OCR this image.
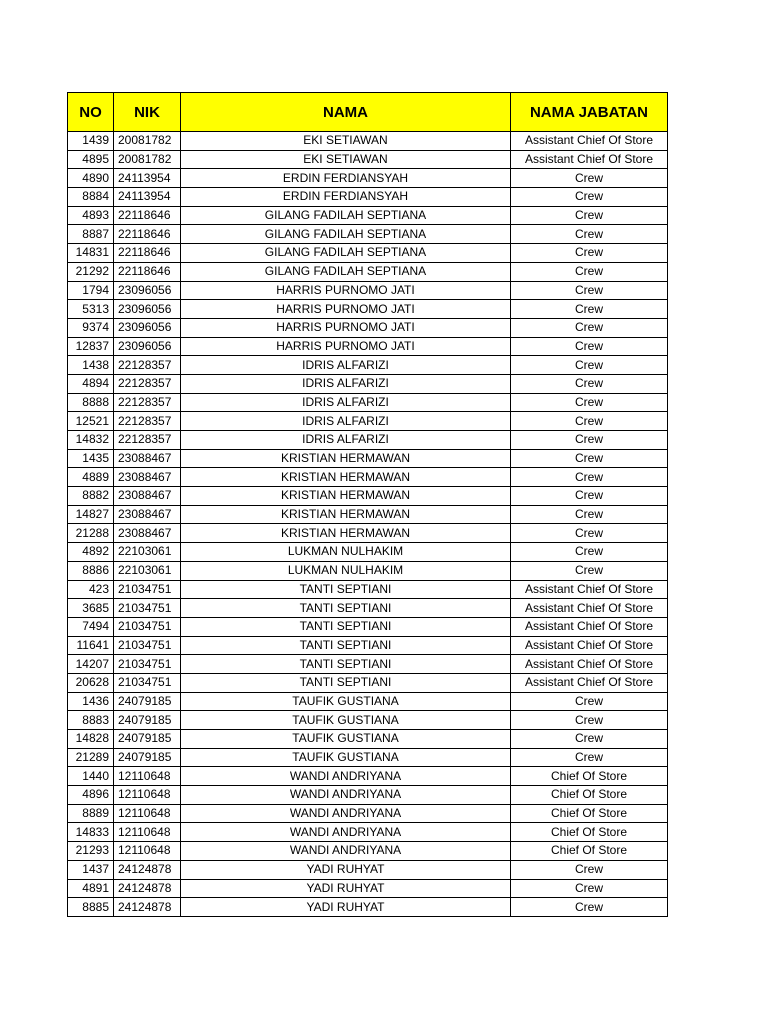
NO	NIK	NAMA	NAMA JABATAN
1439	20081782	EKI SETIAWAN	Assistant Chief Of Store
4895	20081782	EKI SETIAWAN	Assistant Chief Of Store
4890	24113954	ERDIN FERDIANSYAH	Crew
8884	24113954	ERDIN FERDIANSYAH	Crew
4893	22118646	GILANG FADILAH SEPTIANA	Crew
8887	22118646	GILANG FADILAH SEPTIANA	Crew
14831	22118646	GILANG FADILAH SEPTIANA	Crew
21292	22118646	GILANG FADILAH SEPTIANA	Crew
1794	23096056	HARRIS PURNOMO JATI	Crew
5313	23096056	HARRIS PURNOMO JATI	Crew
9374	23096056	HARRIS PURNOMO JATI	Crew
12837	23096056	HARRIS PURNOMO JATI	Crew
1438	22128357	IDRIS ALFARIZI	Crew
4894	22128357	IDRIS ALFARIZI	Crew
8888	22128357	IDRIS ALFARIZI	Crew
12521	22128357	IDRIS ALFARIZI	Crew
14832	22128357	IDRIS ALFARIZI	Crew
1435	23088467	KRISTIAN HERMAWAN	Crew
4889	23088467	KRISTIAN HERMAWAN	Crew
8882	23088467	KRISTIAN HERMAWAN	Crew
14827	23088467	KRISTIAN HERMAWAN	Crew
21288	23088467	KRISTIAN HERMAWAN	Crew
4892	22103061	LUKMAN NULHAKIM	Crew
8886	22103061	LUKMAN NULHAKIM	Crew
423	21034751	TANTI SEPTIANI	Assistant Chief Of Store
3685	21034751	TANTI SEPTIANI	Assistant Chief Of Store
7494	21034751	TANTI SEPTIANI	Assistant Chief Of Store
11641	21034751	TANTI SEPTIANI	Assistant Chief Of Store
14207	21034751	TANTI SEPTIANI	Assistant Chief Of Store
20628	21034751	TANTI SEPTIANI	Assistant Chief Of Store
1436	24079185	TAUFIK GUSTIANA	Crew
8883	24079185	TAUFIK GUSTIANA	Crew
14828	24079185	TAUFIK GUSTIANA	Crew
21289	24079185	TAUFIK GUSTIANA	Crew
1440	12110648	WANDI ANDRIYANA	Chief Of Store
4896	12110648	WANDI ANDRIYANA	Chief Of Store
8889	12110648	WANDI ANDRIYANA	Chief Of Store
14833	12110648	WANDI ANDRIYANA	Chief Of Store
21293	12110648	WANDI ANDRIYANA	Chief Of Store
1437	24124878	YADI RUHYAT	Crew
4891	24124878	YADI RUHYAT	Crew
8885	24124878	YADI RUHYAT	Crew
